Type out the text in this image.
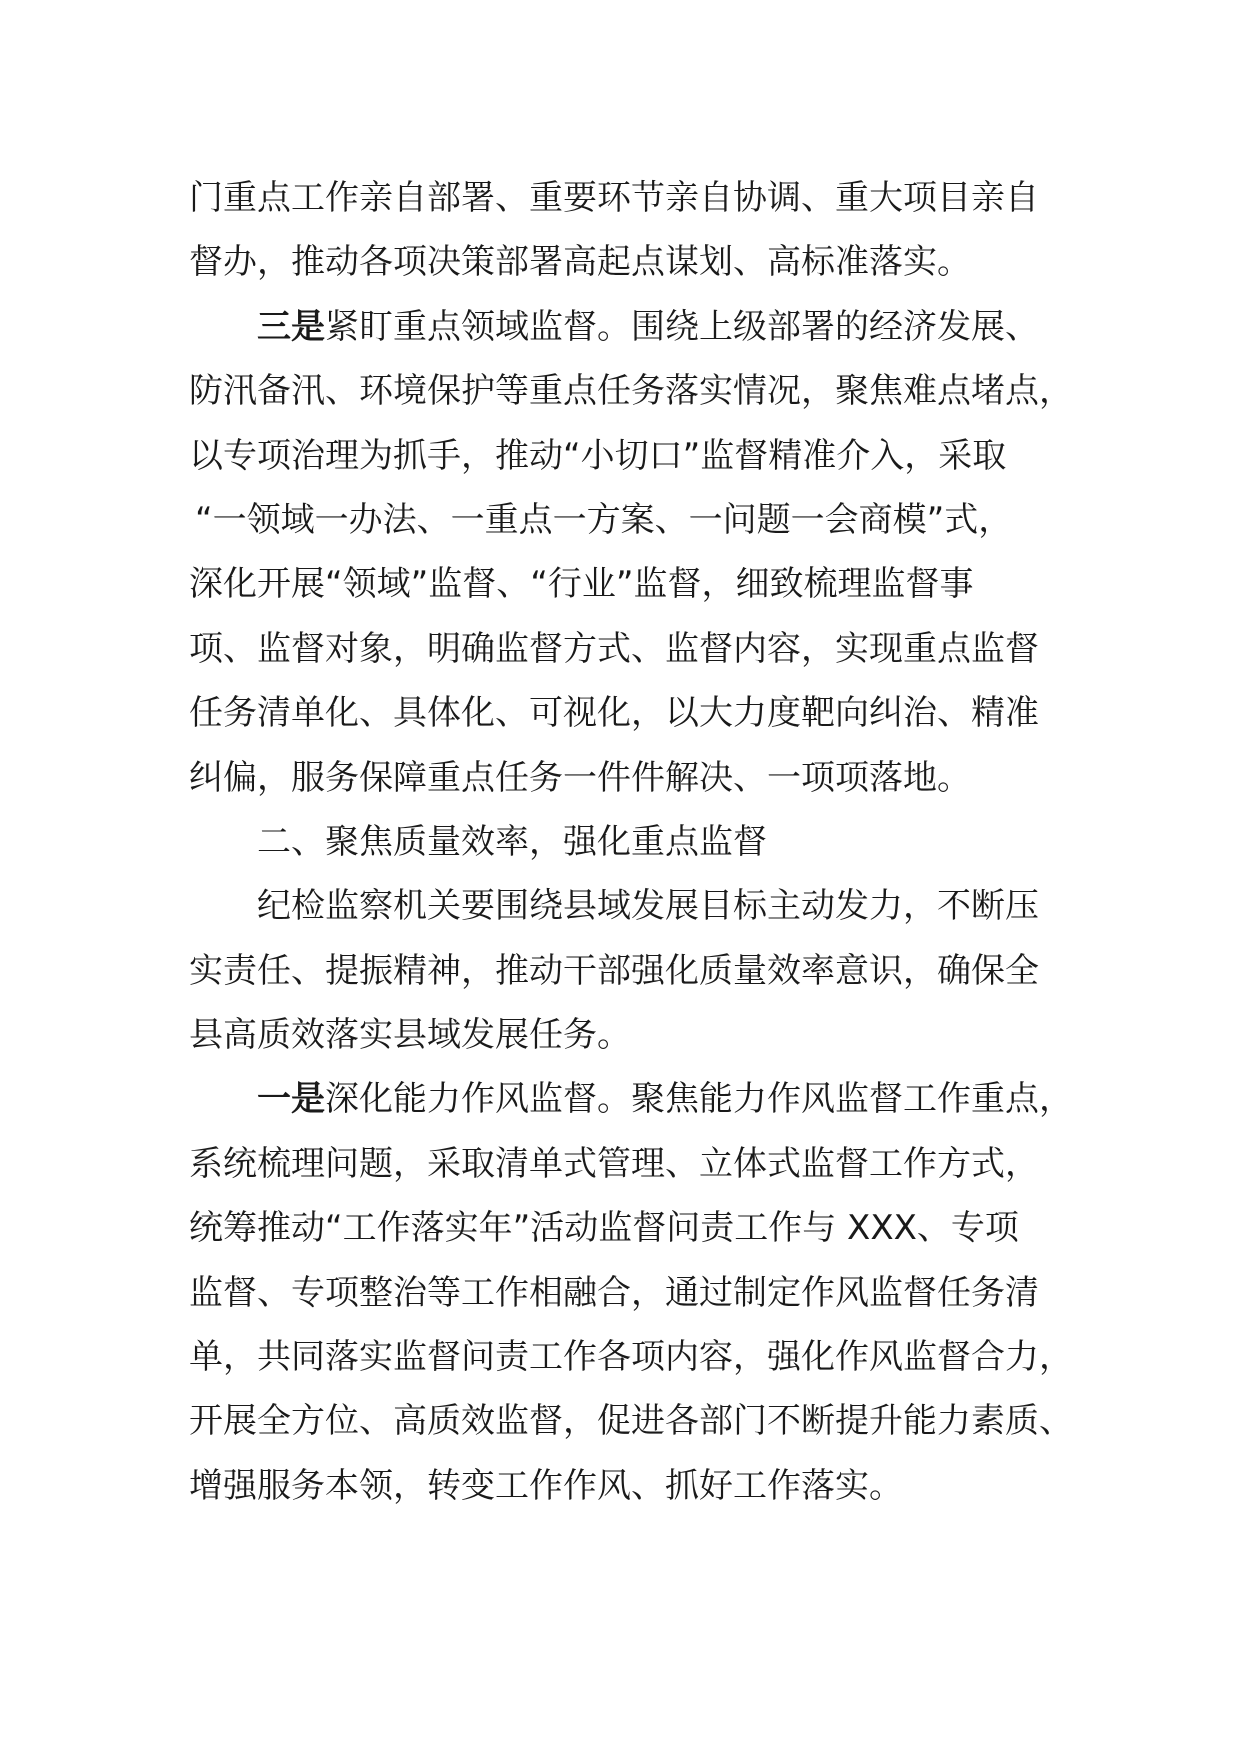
门重点工作亲自部署、重要环节亲自协调、重大项目亲自
督办，推动各项决策部署高起点谋划、高标准落实。
三是紧盯重点领域监督。围绕上级部署的经济发展、
防汛备汛、环境保护等重点任务落实情况，聚焦难点堵点，
以专项治理为抓手，推动“小切口”监督精准介入，采取
“一领域一办法、一重点一方案、一问题一会商模”式，
深化开展“领域”监督、“行业”监督，细致梳理监督事
项、监督对象，明确监督方式、监督内容，实现重点监督
任务清单化、具体化、可视化，以大力度靶向纠治、精准
纠偏，服务保障重点任务一件件解决、一项项落地。
二、聚焦质量效率，强化重点监督
纪检监察机关要围绕县域发展目标主动发力，不断压
实责任、提振精神，推动干部强化质量效率意识，确保全
县高质效落实县域发展任务。
一是深化能力作风监督。聚焦能力作风监督工作重点，
系统梳理问题，采取清单式管理、立体式监督工作方式，
统筹推动“工作落实年”活动监督问责工作与 XXX、专项
监督、专项整治等工作相融合，通过制定作风监督任务清
单，共同落实监督问责工作各项内容，强化作风监督合力，
开展全方位、高质效监督，促进各部门不断提升能力素质、
增强服务本领，转变工作作风、抓好工作落实。
